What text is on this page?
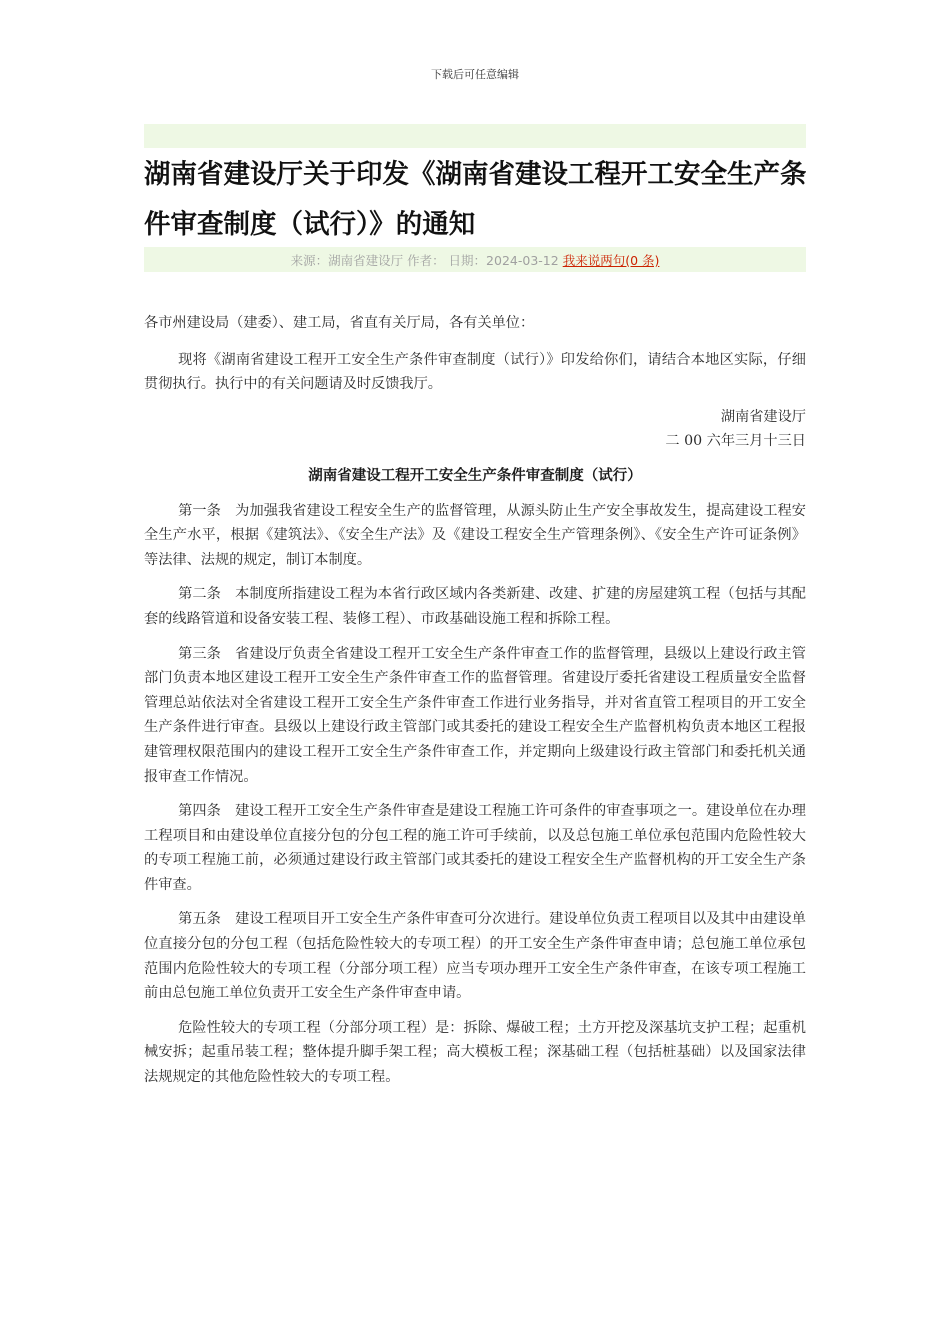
下载后可任意编辑
湖南省建设厅关于印发《湖南省建设工程开工安全生产条件审查制度（试行）》的通知
来源：湖南省建设厅 作者： 日期：2024-03-12 我来说两句(0 条)

各市州建设局（建委）、建工局，省直有关厅局，各有关单位：

现将《湖南省建设工程开工安全生产条件审查制度（试行）》印发给你们，请结合本地区实际，仔细贯彻执行。执行中的有关问题请及时反馈我厅。

湖南省建设厅

二 00 六年三月十三日

湖南省建设工程开工安全生产条件审查制度（试行）

第一条　为加强我省建设工程安全生产的监督管理，从源头防止生产安全事故发生，提高建设工程安全生产水平，根据《建筑法》、《安全生产法》及《建设工程安全生产管理条例》、《安全生产许可证条例》等法律、法规的规定，制订本制度。

第二条　本制度所指建设工程为本省行政区域内各类新建、改建、扩建的房屋建筑工程（包括与其配套的线路管道和设备安装工程、装修工程）、市政基础设施工程和拆除工程。

第三条　省建设厅负责全省建设工程开工安全生产条件审查工作的监督管理，县级以上建设行政主管部门负责本地区建设工程开工安全生产条件审查工作的监督管理。省建设厅委托省建设工程质量安全监督管理总站依法对全省建设工程开工安全生产条件审查工作进行业务指导，并对省直管工程项目的开工安全生产条件进行审查。县级以上建设行政主管部门或其委托的建设工程安全生产监督机构负责本地区工程报建管理权限范围内的建设工程开工安全生产条件审查工作，并定期向上级建设行政主管部门和委托机关通报审查工作情况。

第四条　建设工程开工安全生产条件审查是建设工程施工许可条件的审查事项之一。建设单位在办理工程项目和由建设单位直接分包的分包工程的施工许可手续前，以及总包施工单位承包范围内危险性较大的专项工程施工前，必须通过建设行政主管部门或其委托的建设工程安全生产监督机构的开工安全生产条件审查。

第五条　建设工程项目开工安全生产条件审查可分次进行。建设单位负责工程项目以及其中由建设单位直接分包的分包工程（包括危险性较大的专项工程）的开工安全生产条件审查申请；总包施工单位承包范围内危险性较大的专项工程（分部分项工程）应当专项办理开工安全生产条件审查，在该专项工程施工前由总包施工单位负责开工安全生产条件审查申请。

危险性较大的专项工程（分部分项工程）是：拆除、爆破工程；土方开挖及深基坑支护工程；起重机械安拆；起重吊装工程；整体提升脚手架工程；高大模板工程；深基础工程（包括桩基础）以及国家法律法规规定的其他危险性较大的专项工程。
